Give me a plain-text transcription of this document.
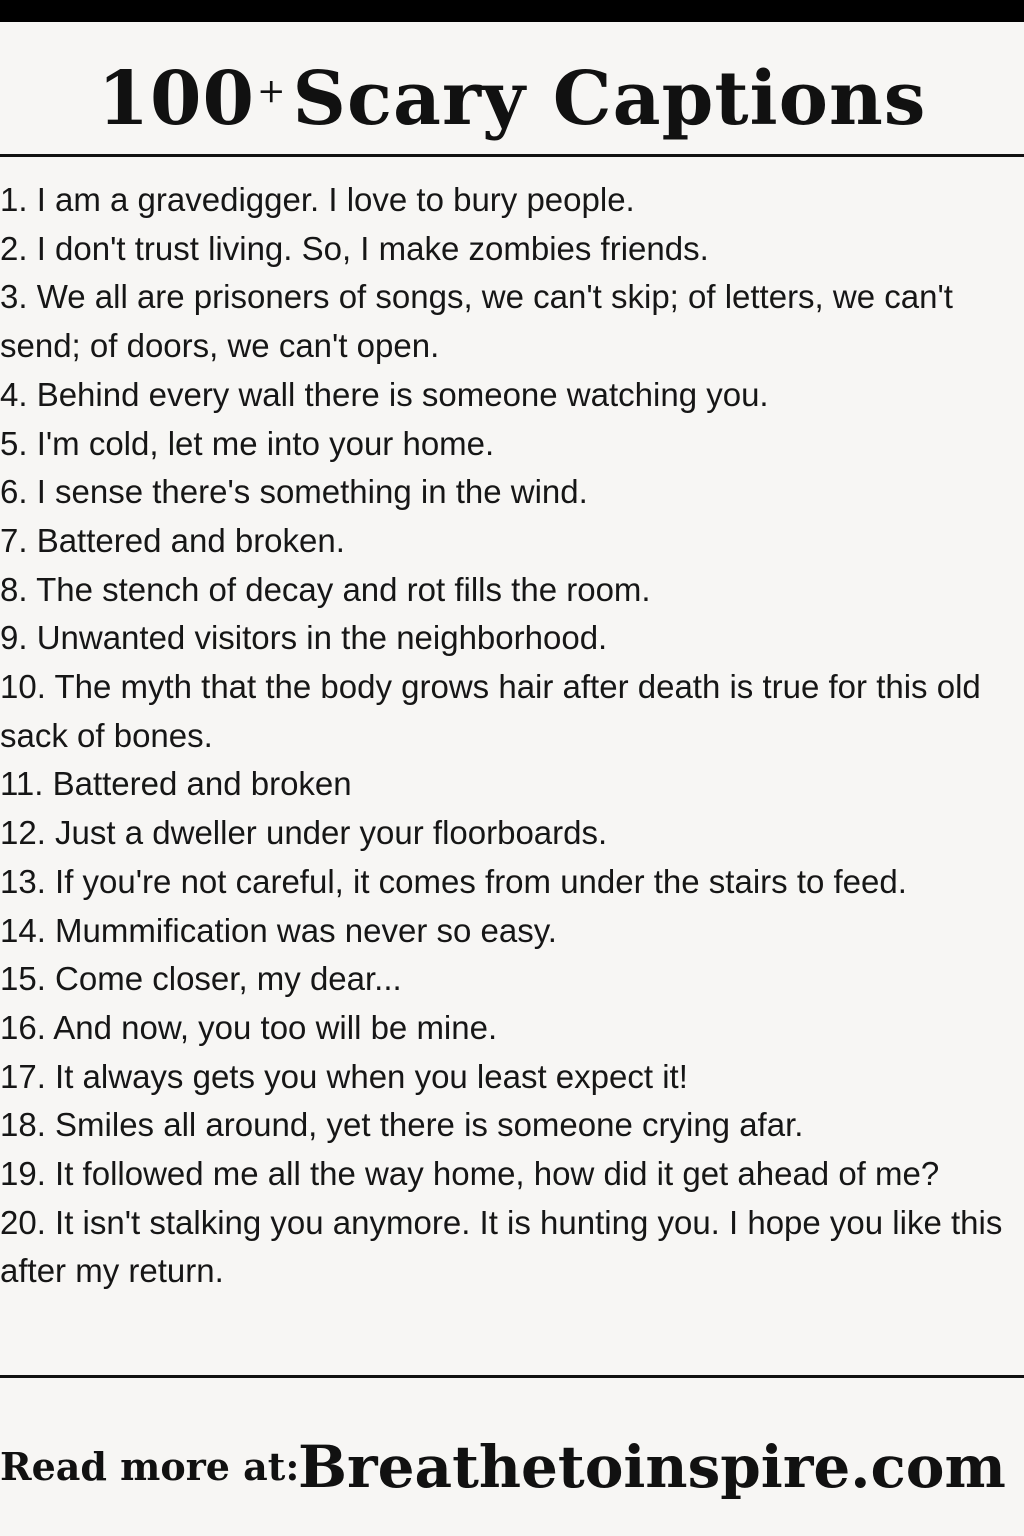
100+Scary Captions
1. I am a gravedigger. I love to bury people.
2. I don't trust living. So, I make zombies friends.
3. We all are prisoners of songs, we can't skip; of letters, we can't send; of doors, we can't open.
4. Behind every wall there is someone watching you.
5. I'm cold, let me into your home.
6. I sense there's something in the wind.
7. Battered and broken.
8. The stench of decay and rot fills the room.
9. Unwanted visitors in the neighborhood.
10. The myth that the body grows hair after death is true for this old sack of bones.
11. Battered and broken
12. Just a dweller under your floorboards.
13. If you're not careful, it comes from under the stairs to feed.
14. Mummification was never so easy.
15. Come closer, my dear...
16. And now, you too will be mine.
17. It always gets you when you least expect it!
18. Smiles all around, yet there is someone crying afar.
19. It followed me all the way home, how did it get ahead of me?
20. It isn't stalking you anymore. It is hunting you. I hope you like this after my return.
Read more at:
Breathetoinspire.com
